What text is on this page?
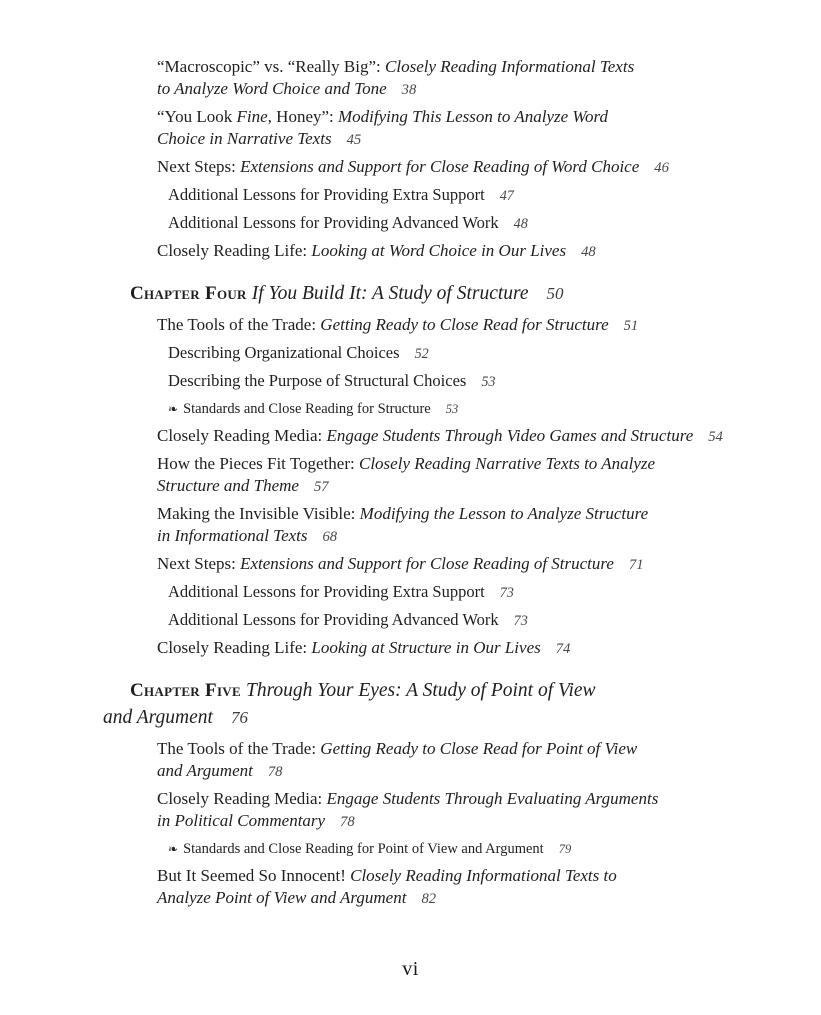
“Macroscopic” vs. “Really Big”: Closely Reading Informational Texts
to Analyze Word Choice and Tone 38
“You Look Fine, Honey”: Modifying This Lesson to Analyze Word
Choice in Narrative Texts 45
Next Steps: Extensions and Support for Close Reading of Word Choice 46
Additional Lessons for Providing Extra Support 47
Additional Lessons for Providing Advanced Work 48
Closely Reading Life: Looking at Word Choice in Our Lives 48
Chapter Four If You Build It: A Study of Structure 50
The Tools of the Trade: Getting Ready to Close Read for Structure 51
Describing Organizational Choices 52
Describing the Purpose of Structural Choices 53
❧ Standards and Close Reading for Structure 53
Closely Reading Media: Engage Students Through Video Games and Structure 54
How the Pieces Fit Together: Closely Reading Narrative Texts to Analyze
Structure and Theme 57
Making the Invisible Visible: Modifying the Lesson to Analyze Structure
in Informational Texts 68
Next Steps: Extensions and Support for Close Reading of Structure 71
Additional Lessons for Providing Extra Support 73
Additional Lessons for Providing Advanced Work 73
Closely Reading Life: Looking at Structure in Our Lives 74
Chapter Five Through Your Eyes: A Study of Point of View
and Argument 76
The Tools of the Trade: Getting Ready to Close Read for Point of View
and Argument 78
Closely Reading Media: Engage Students Through Evaluating Arguments
in Political Commentary 78
❧ Standards and Close Reading for Point of View and Argument 79
But It Seemed So Innocent! Closely Reading Informational Texts to
Analyze Point of View and Argument 82
vi
